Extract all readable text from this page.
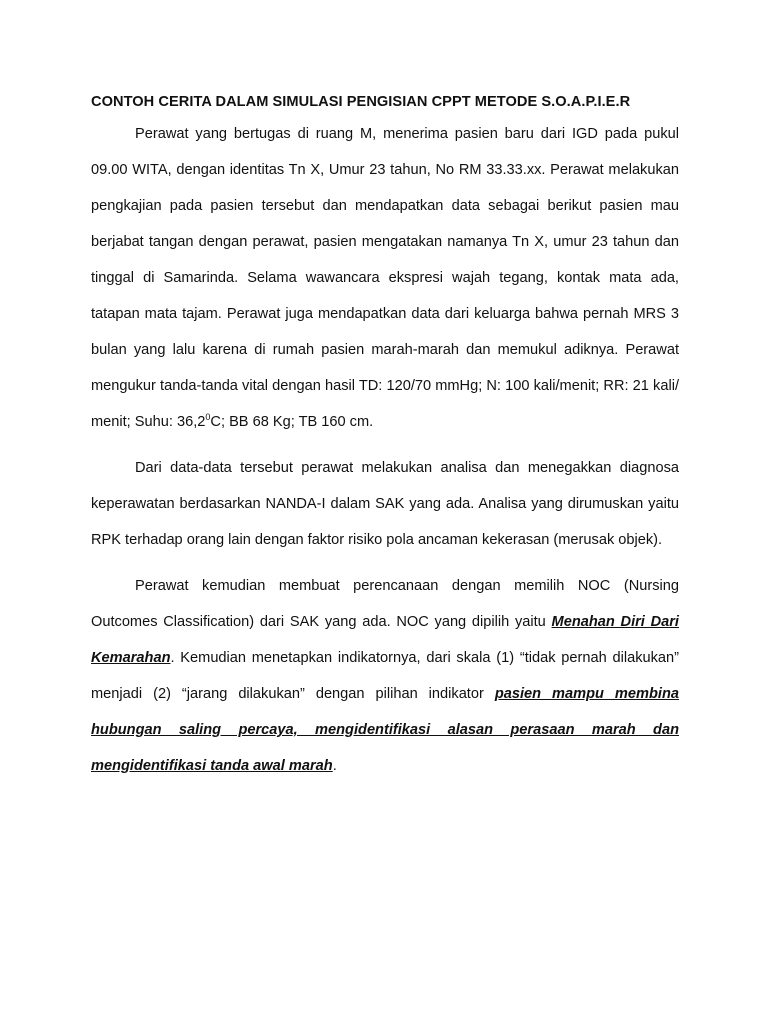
CONTOH CERITA DALAM SIMULASI PENGISIAN CPPT METODE S.O.A.P.I.E.R

Perawat yang bertugas di ruang M, menerima pasien baru dari IGD pada pukul 09.00 WITA, dengan identitas Tn X, Umur 23 tahun, No RM 33.33.xx. Perawat melakukan pengkajian pada pasien tersebut dan mendapatkan data sebagai berikut pasien mau berjabat tangan dengan perawat, pasien mengatakan namanya Tn X, umur 23 tahun dan tinggal di Samarinda. Selama wawancara ekspresi wajah tegang, kontak mata ada, tatapan mata tajam. Perawat juga mendapatkan data dari keluarga bahwa pernah MRS 3 bulan yang lalu karena di rumah pasien marah-marah dan memukul adiknya. Perawat mengukur tanda-tanda vital dengan hasil TD: 120/70 mmHg; N: 100 kali/menit; RR: 21 kali/ menit; Suhu: 36,2$^0$C; BB 68 Kg; TB 160 cm.

Dari data-data tersebut perawat melakukan analisa dan menegakkan diagnosa keperawatan berdasarkan NANDA-I dalam SAK yang ada. Analisa yang dirumuskan yaitu RPK terhadap orang lain dengan faktor risiko pola ancaman kekerasan (merusak objek).

Perawat kemudian membuat perencanaan dengan memilih NOC (Nursing Outcomes Classification) dari SAK yang ada. NOC yang dipilih yaitu Menahan Diri Dari Kemarahan. Kemudian menetapkan indikatornya, dari skala (1) “tidak pernah dilakukan” menjadi (2) “jarang dilakukan” dengan pilihan indikator pasien mampu membina hubungan saling percaya, mengidentifikasi alasan perasaan marah dan mengidentifikasi tanda awal marah.
